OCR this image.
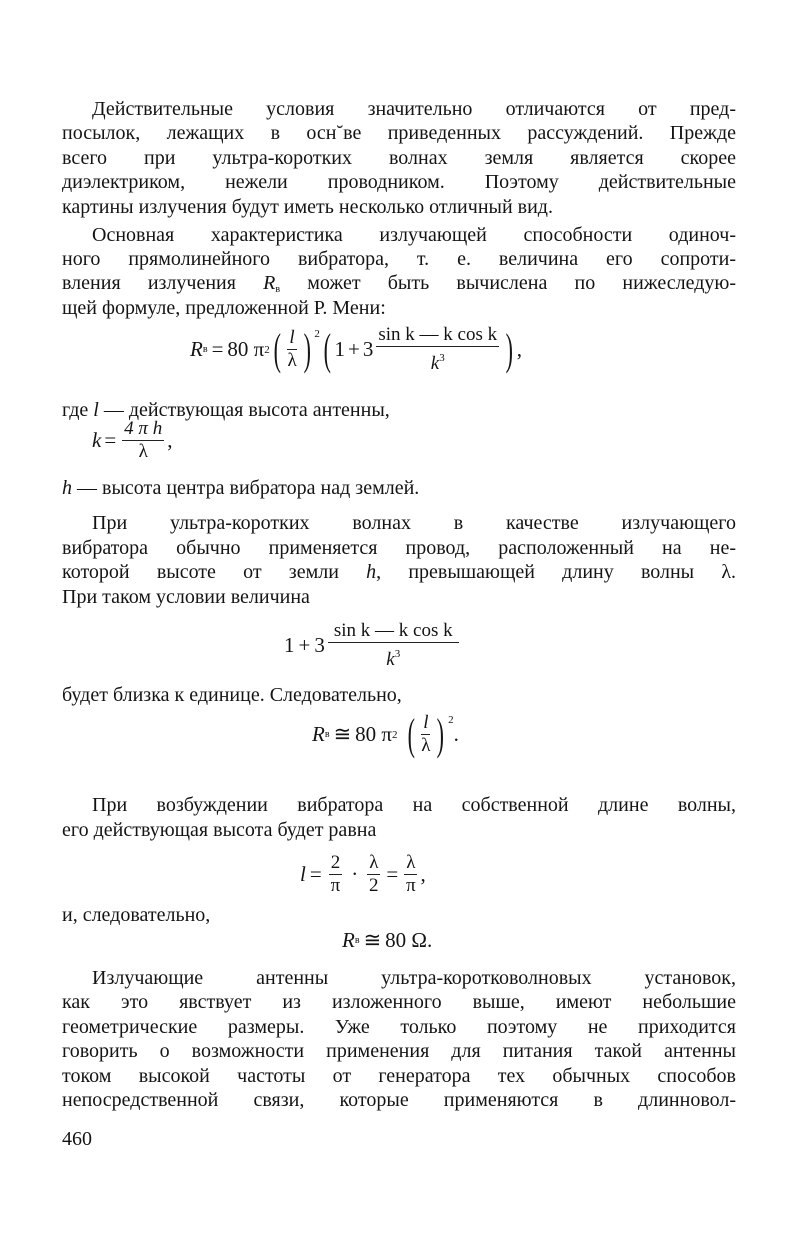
Действительные условия значительно отличаются от пред-
посылок, лежащих в осн˘ве приведенных рассуждений. Прежде
всего при ультра-коротких волнах земля является скорее
диэлектриком, нежели проводником. Поэтому действительные
картины излучения будут иметь несколько отличный вид.
Основная характеристика излучающей способности одиноч-
ного прямолинейного вибратора, т. е. величина его сопроти-
вления излучения $R_в$ может быть вычислена по нижеследую-
щей формуле, предложенной Р. Мени:
R в = 80 π 2 ( $\frac{l}{\lambda}$ ) $^2$ ( 1 + 3
sin k — k cos k
$k^3$ ) ,
где l — действующая высота антенны,
$k = \frac{\text{4 π h}}{\lambda}$ ,
h — высота центра вибратора над землей.
При ультра-коротких волнах в качестве излучающего
вибратора обычно применяется провод, расположенный на не-
которой высоте от земли h, превышающей длину волны λ.
При таком условии величина
1 + 3
sin k — k cos k
$k^3$
будет близка к единице. Следовательно,
R в ≅ 80 π 2 ( $\frac{l}{\lambda}$ ) $^2$
.
При возбуждении вибратора на собственной длине волны,
его действующая высота будет равна
$l = \frac{2}{\pi} \cdot \frac{\lambda}{2} = \frac{\lambda}{\pi}$ ,
и, следовательно,
R в ≅ 80 Ω.
Излучающие антенны ультра-коротковолновых установок,
как это явствует из изложенного выше, имеют небольшие
геометрические размеры. Уже только поэтому не приходится
говорить о возможности применения для питания такой антенны
током высокой частоты от генератора тех обычных способов
непосредственной связи, которые применяются в длинновол-
460
